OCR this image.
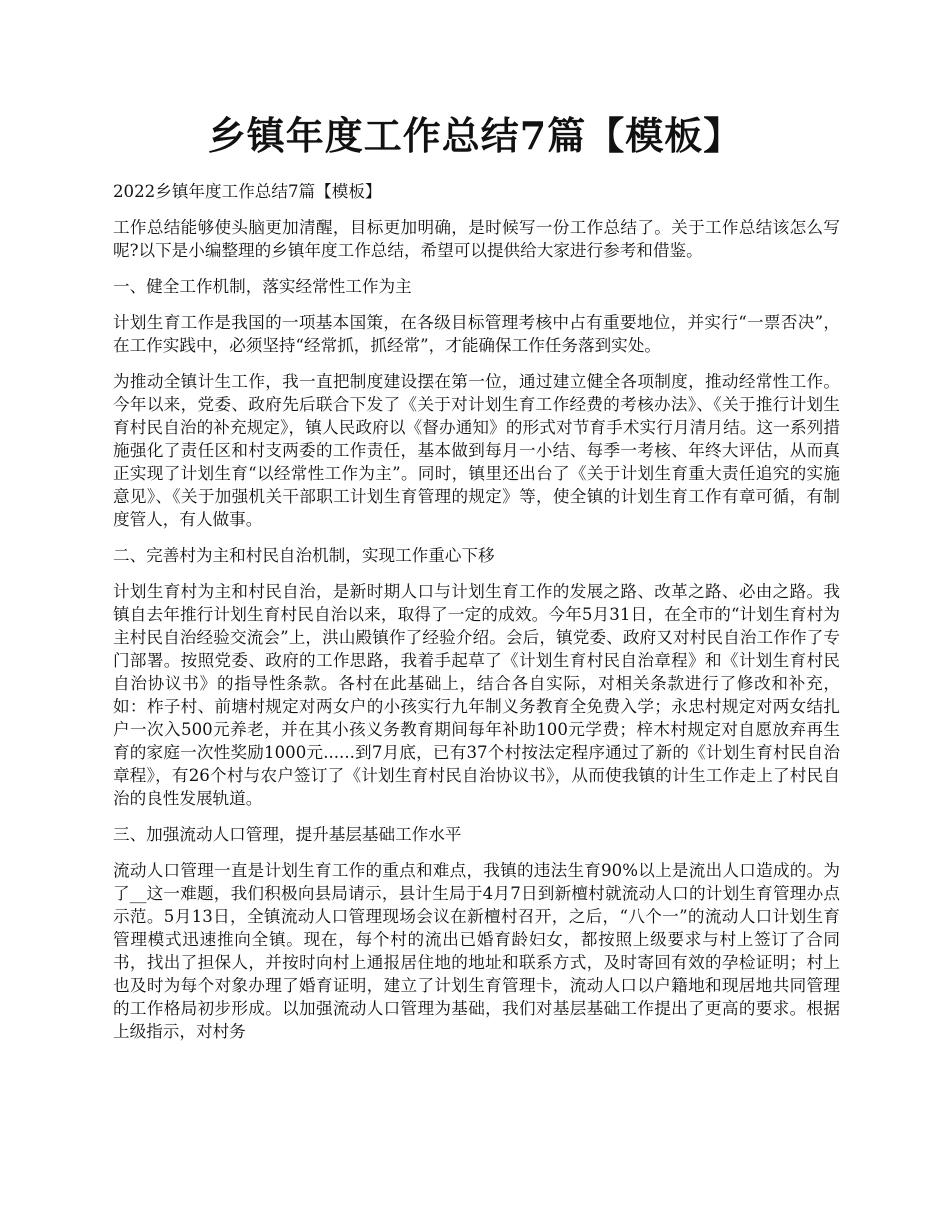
乡镇年度工作总结7篇【模板】

2022乡镇年度工作总结7篇【模板】

工作总结能够使头脑更加清醒，目标更加明确，是时候写一份工作总结了。关于工作总结该怎么写呢?以下是小编整理的乡镇年度工作总结，希望可以提供给大家进行参考和借鉴。

一、健全工作机制，落实经常性工作为主

计划生育工作是我国的一项基本国策，在各级目标管理考核中占有重要地位，并实行“一票否决”，在工作实践中，必须坚持“经常抓，抓经常”，才能确保工作任务落到实处。

为推动全镇计生工作，我一直把制度建设摆在第一位，通过建立健全各项制度，推动经常性工作。今年以来，党委、政府先后联合下发了《关于对计划生育工作经费的考核办法》、《关于推行计划生育村民自治的补充规定》，镇人民政府以《督办通知》的形式对节育手术实行月清月结。这一系列措施强化了责任区和村支两委的工作责任，基本做到每月一小结、每季一考核、年终大评估，从而真正实现了计划生育“以经常性工作为主”。同时，镇里还出台了《关于计划生育重大责任追究的实施意见》、《关于加强机关干部职工计划生育管理的规定》等，使全镇的计划生育工作有章可循，有制度管人，有人做事。

二、完善村为主和村民自治机制，实现工作重心下移

计划生育村为主和村民自治，是新时期人口与计划生育工作的发展之路、改革之路、必由之路。我镇自去年推行计划生育村民自治以来，取得了一定的成效。今年5月31日，在全市的“计划生育村为主村民自治经验交流会”上，洪山殿镇作了经验介绍。会后，镇党委、政府又对村民自治工作作了专门部署。按照党委、政府的工作思路，我着手起草了《计划生育村民自治章程》和《计划生育村民自治协议书》的指导性条款。各村在此基础上，结合各自实际，对相关条款进行了修改和补充，如：柞子村、前塘村规定对两女户的小孩实行九年制义务教育全免费入学；永忠村规定对两女结扎户一次入500元养老，并在其小孩义务教育期间每年补助100元学费；梓木村规定对自愿放弃再生育的家庭一次性奖励1000元......到7月底，已有37个村按法定程序通过了新的《计划生育村民自治章程》，有26个村与农户签订了《计划生育村民自治协议书》，从而使我镇的计生工作走上了村民自治的良性发展轨道。

三、加强流动人口管理，提升基层基础工作水平

流动人口管理一直是计划生育工作的重点和难点，我镇的违法生育90%以上是流出人口造成的。为了__这一难题，我们积极向县局请示，县计生局于4月7日到新檀村就流动人口的计划生育管理办点示范。5月13日，全镇流动人口管理现场会议在新檀村召开，之后，“八个一”的流动人口计划生育管理模式迅速推向全镇。现在，每个村的流出已婚育龄妇女，都按照上级要求与村上签订了合同书，找出了担保人，并按时向村上通报居住地的地址和联系方式，及时寄回有效的孕检证明；村上也及时为每个对象办理了婚育证明，建立了计划生育管理卡，流动人口以户籍地和现居地共同管理的工作格局初步形成。以加强流动人口管理为基础，我们对基层基础工作提出了更高的要求。根据上级指示，对村务
